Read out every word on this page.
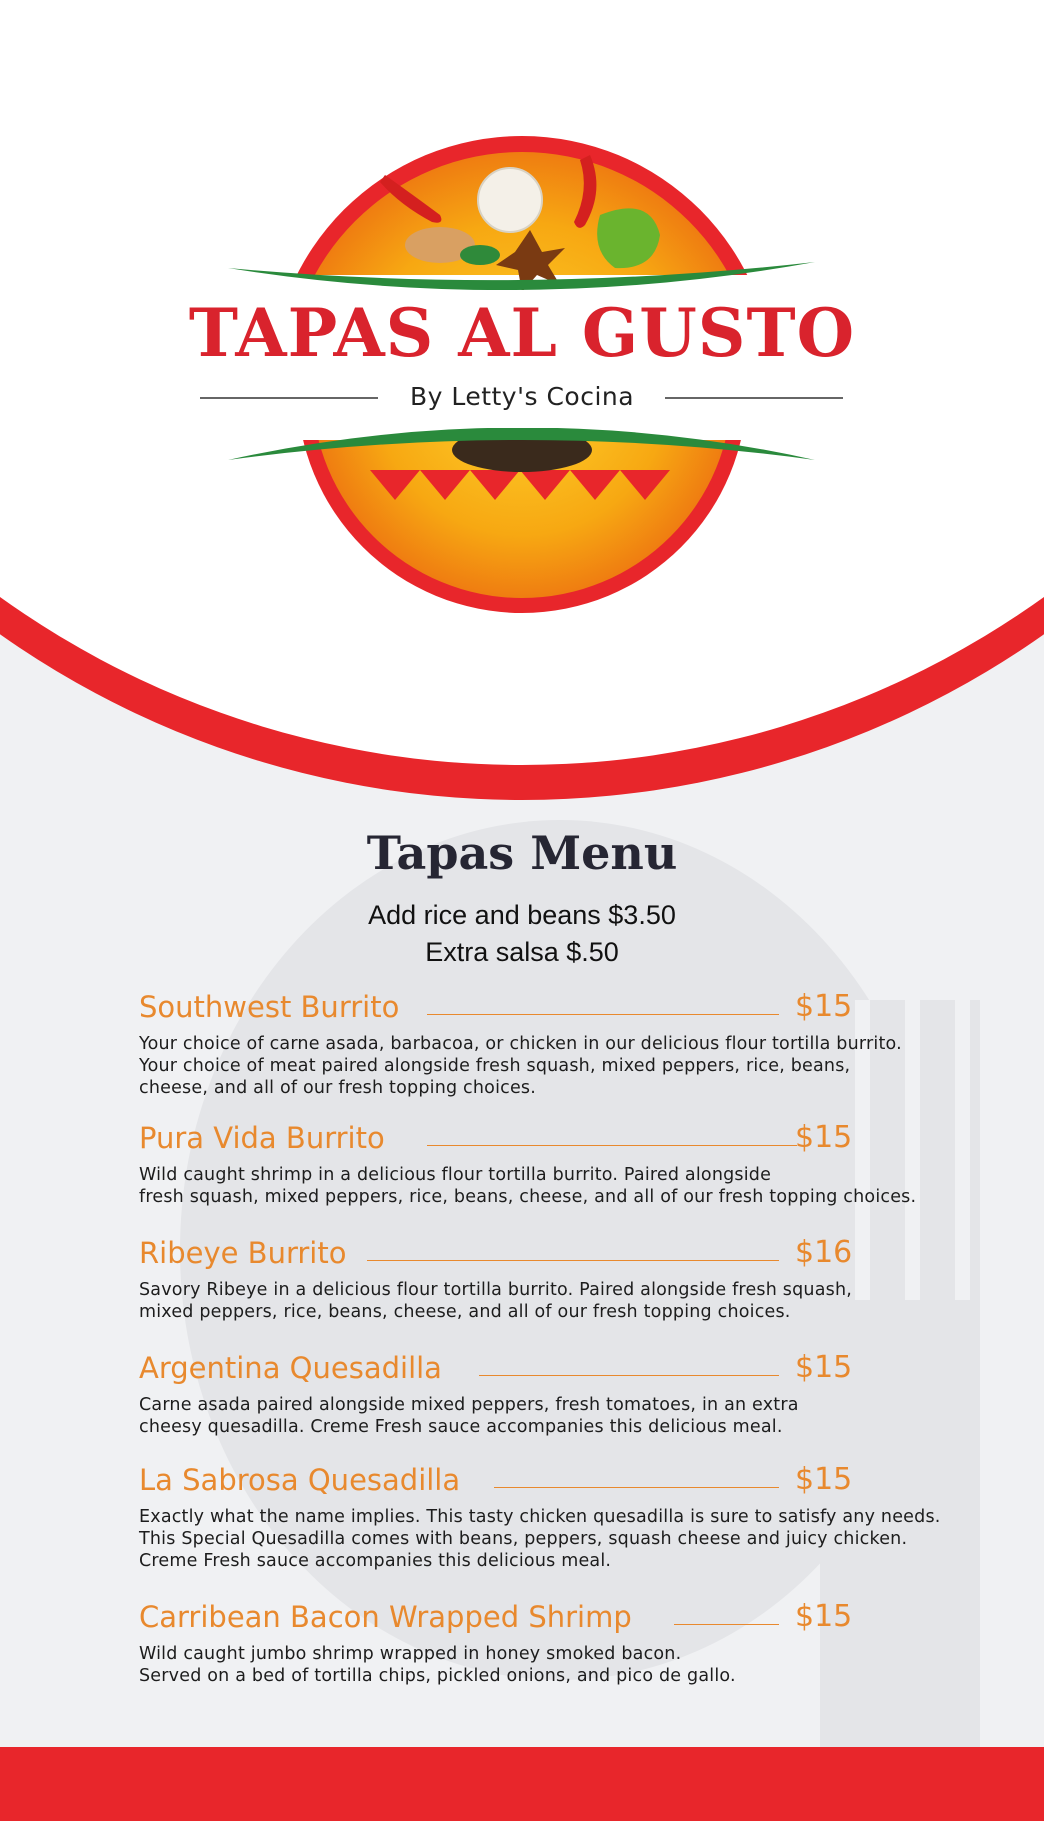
TAPAS AL GUSTO
By Letty's Cocina
Tapas Menu
Add rice and beans $3.50
Extra salsa $.50
Southwest Burrito	$15
Your choice of carne asada, barbacoa, or chicken in our delicious flour tortilla burrito.
Your choice of meat paired alongside fresh squash, mixed peppers, rice, beans,
cheese, and all of our fresh topping choices.
Pura Vida Burrito	$15
Wild caught shrimp in a delicious flour tortilla burrito. Paired alongside
fresh squash, mixed peppers, rice, beans, cheese, and all of our fresh topping choices.
Ribeye Burrito	$16
Savory Ribeye in a delicious flour tortilla burrito. Paired alongside fresh squash,
mixed peppers, rice, beans, cheese, and all of our fresh topping choices.
Argentina Quesadilla	$15
Carne asada paired alongside mixed peppers, fresh tomatoes, in an extra
cheesy quesadilla. Creme Fresh sauce accompanies this delicious meal.
La Sabrosa Quesadilla	$15
Exactly what the name implies. This tasty chicken quesadilla is sure to satisfy any needs.
This Special Quesadilla comes with beans, peppers, squash cheese and juicy chicken.
Creme Fresh sauce accompanies this delicious meal.
Carribean Bacon Wrapped Shrimp	$15
Wild caught jumbo shrimp wrapped in honey smoked bacon.
Served on a bed of tortilla chips, pickled onions, and pico de gallo.
